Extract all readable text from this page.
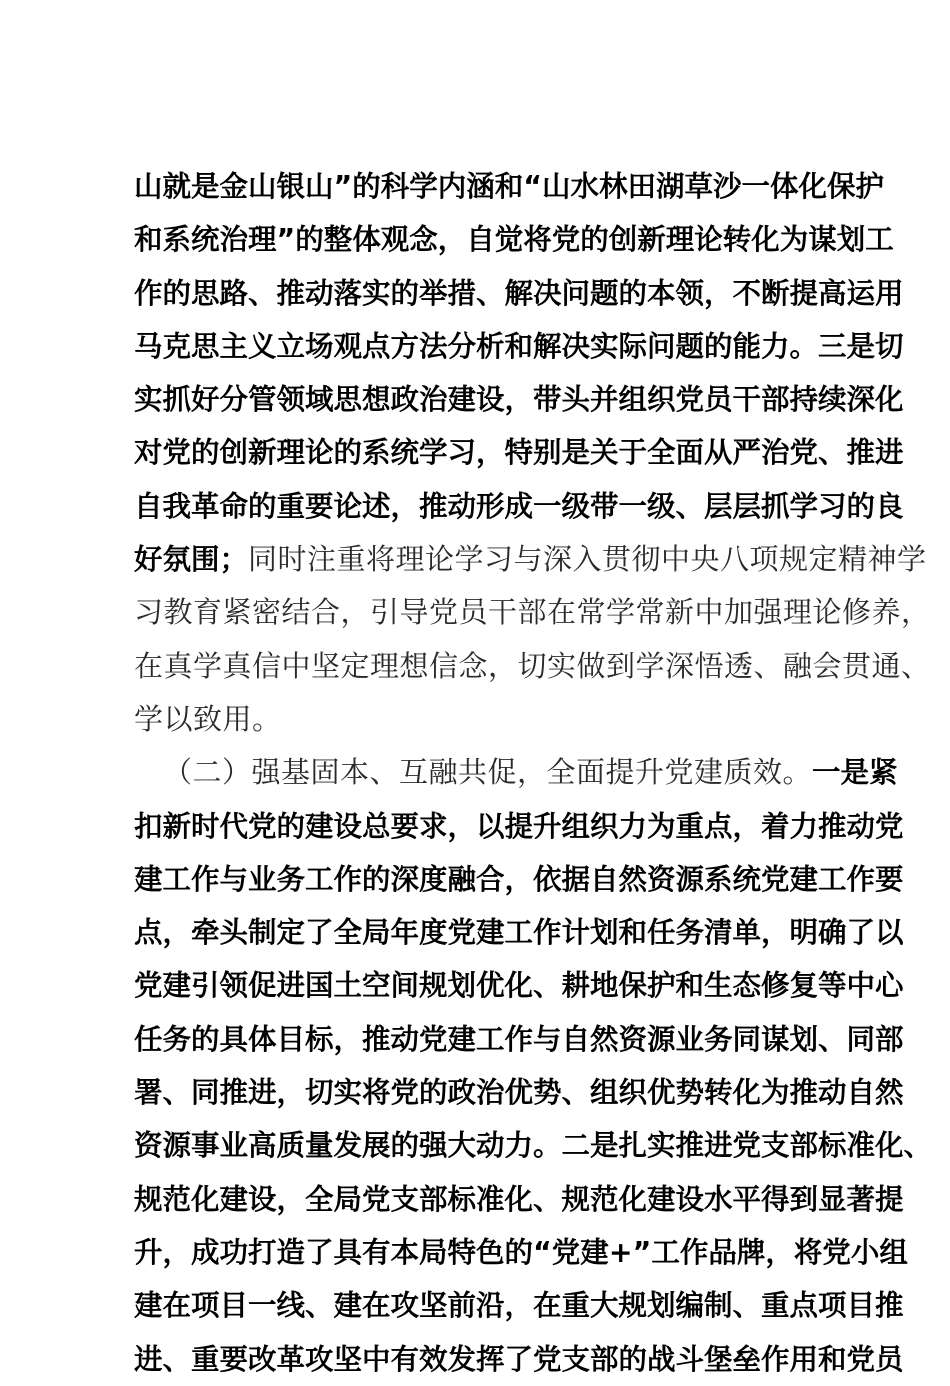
山就是金山银山”的科学内涵和“山水林田湖草沙一体化保护
和系统治理”的整体观念，自觉将党的创新理论转化为谋划工
作的思路、推动落实的举措、解决问题的本领，不断提高运用
马克思主义立场观点方法分析和解决实际问题的能力。三是切
实抓好分管领域思想政治建设，带头并组织党员干部持续深化
对党的创新理论的系统学习，特别是关于全面从严治党、推进
自我革命的重要论述，推动形成一级带一级、层层抓学习的良
好氛围；同时注重将理论学习与深入贯彻中央八项规定精神学
习教育紧密结合，引导党员干部在常学常新中加强理论修养，
在真学真信中坚定理想信念，切实做到学深悟透、融会贯通、
学以致用。
（二）强基固本、互融共促，全面提升党建质效。一是紧
扣新时代党的建设总要求，以提升组织力为重点，着力推动党
建工作与业务工作的深度融合，依据自然资源系统党建工作要
点，牵头制定了全局年度党建工作计划和任务清单，明确了以
党建引领促进国土空间规划优化、耕地保护和生态修复等中心
任务的具体目标，推动党建工作与自然资源业务同谋划、同部
署、同推进，切实将党的政治优势、组织优势转化为推动自然
资源事业高质量发展的强大动力。二是扎实推进党支部标准化、
规范化建设，全局党支部标准化、规范化建设水平得到显著提
升，成功打造了具有本局特色的“党建+”工作品牌，将党小组
建在项目一线、建在攻坚前沿，在重大规划编制、重点项目推
进、重要改革攻坚中有效发挥了党支部的战斗堡垒作用和党员
